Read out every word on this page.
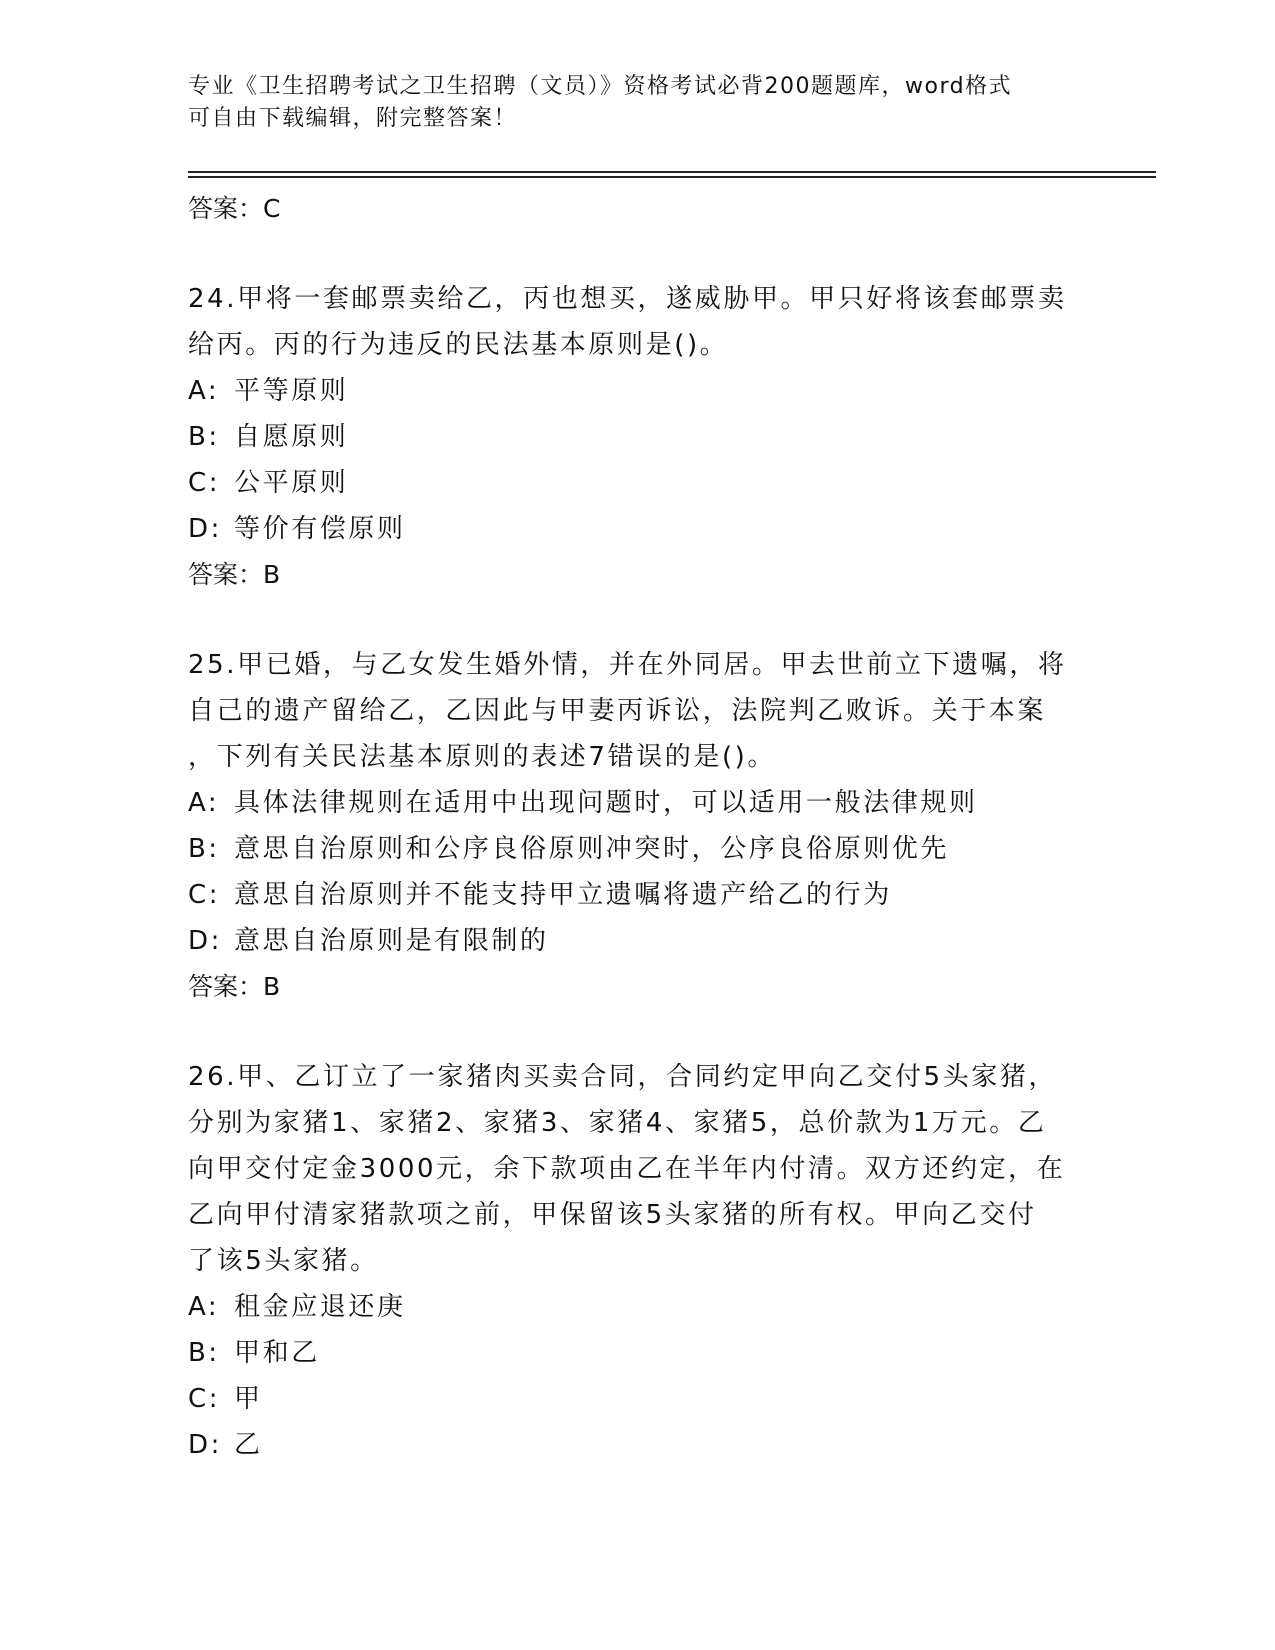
专业《卫生招聘考试之卫生招聘（文员）》资格考试必背200题题库，word格式
可自由下载编辑，附完整答案！
答案：C
24.甲将一套邮票卖给乙，丙也想买，遂威胁甲。甲只好将该套邮票卖
给丙。丙的行为违反的民法基本原则是()。
A: 平等原则
B: 自愿原则
C: 公平原则
D: 等价有偿原则
答案：B
25.甲已婚，与乙女发生婚外情，并在外同居。甲去世前立下遗嘱，将
自己的遗产留给乙，乙因此与甲妻丙诉讼，法院判乙败诉。关于本案
，下列有关民法基本原则的表述7错误的是()。
A: 具体法律规则在适用中出现问题时，可以适用一般法律规则
B: 意思自治原则和公序良俗原则冲突时，公序良俗原则优先
C: 意思自治原则并不能支持甲立遗嘱将遗产给乙的行为
D: 意思自治原则是有限制的
答案：B
26.甲、乙订立了一家猪肉买卖合同，合同约定甲向乙交付5头家猪，
分别为家猪1、家猪2、家猪3、家猪4、家猪5，总价款为1万元。乙
向甲交付定金3000元，余下款项由乙在半年内付清。双方还约定，在
乙向甲付清家猪款项之前，甲保留该5头家猪的所有权。甲向乙交付
了该5头家猪。
A: 租金应退还庚
B: 甲和乙
C: 甲
D: 乙
